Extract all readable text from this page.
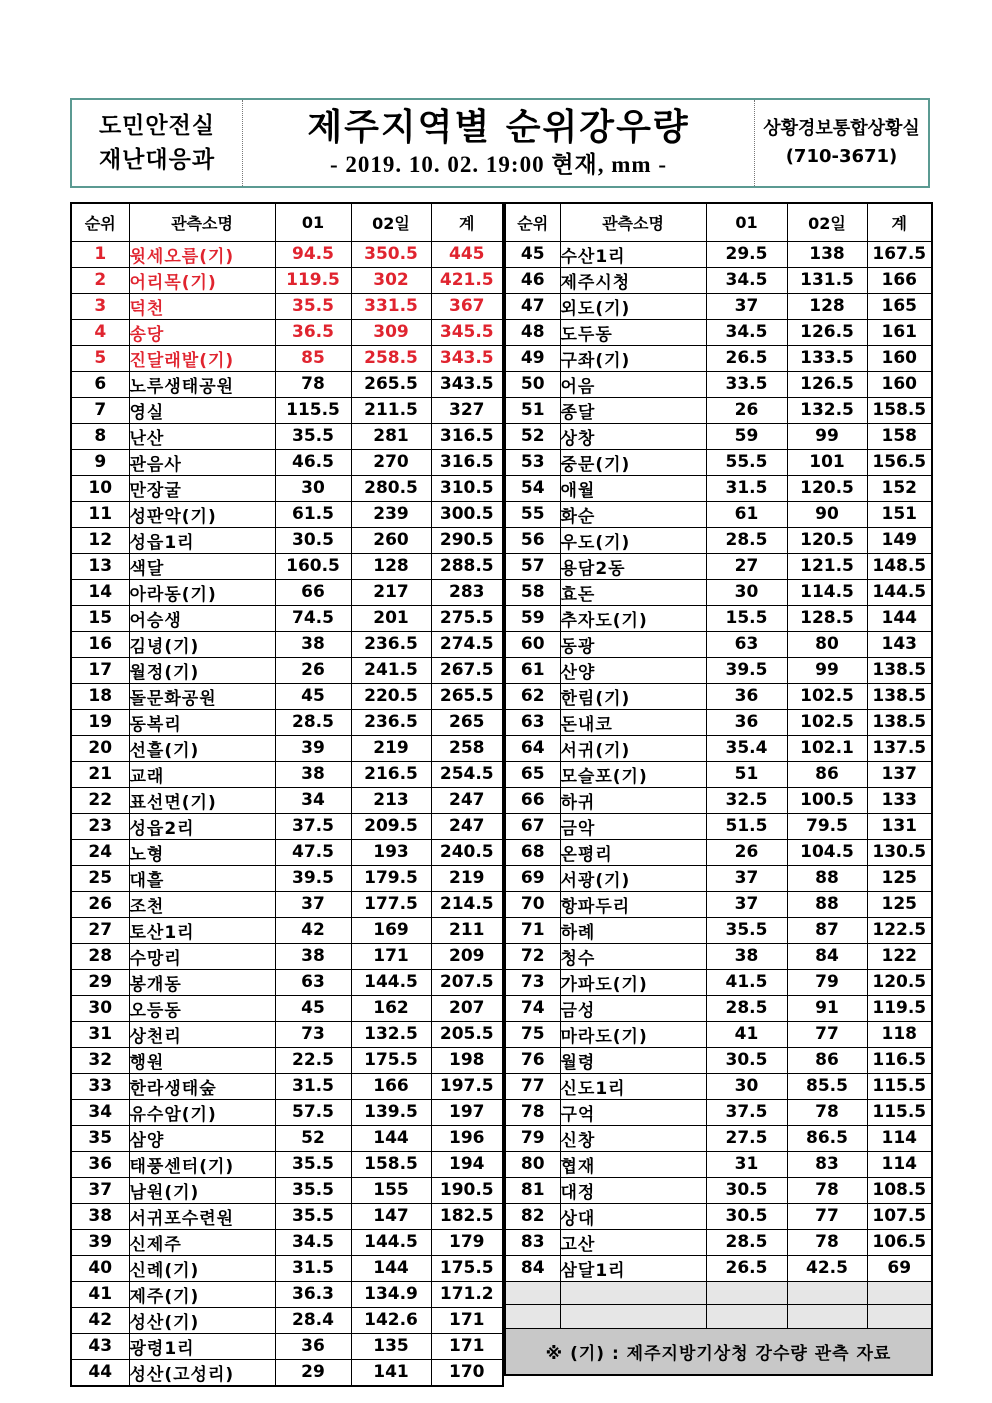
도민안전실
재난대응과
제주지역별 순위강우량
- 2019. 10. 02. 19:00 현재, mm -
상황경보통합상황실
(710-3671)
순위	관측소명	01	02일	계
1	윗세오름(기)	94.5	350.5	445
2	어리목(기)	119.5	302	421.5
3	덕천	35.5	331.5	367
4	송당	36.5	309	345.5
5	진달래밭(기)	85	258.5	343.5
6	노루생태공원	78	265.5	343.5
7	영실	115.5	211.5	327
8	난산	35.5	281	316.5
9	관음사	46.5	270	316.5
10	만장굴	30	280.5	310.5
11	성판악(기)	61.5	239	300.5
12	성읍1리	30.5	260	290.5
13	색달	160.5	128	288.5
14	아라동(기)	66	217	283
15	어승생	74.5	201	275.5
16	김녕(기)	38	236.5	274.5
17	월정(기)	26	241.5	267.5
18	돌문화공원	45	220.5	265.5
19	동복리	28.5	236.5	265
20	선흘(기)	39	219	258
21	교래	38	216.5	254.5
22	표선면(기)	34	213	247
23	성읍2리	37.5	209.5	247
24	노형	47.5	193	240.5
25	대흘	39.5	179.5	219
26	조천	37	177.5	214.5
27	토산1리	42	169	211
28	수망리	38	171	209
29	봉개동	63	144.5	207.5
30	오등동	45	162	207
31	상천리	73	132.5	205.5
32	행원	22.5	175.5	198
33	한라생태숲	31.5	166	197.5
34	유수암(기)	57.5	139.5	197
35	삼양	52	144	196
36	태풍센터(기)	35.5	158.5	194
37	남원(기)	35.5	155	190.5
38	서귀포수련원	35.5	147	182.5
39	신제주	34.5	144.5	179
40	신례(기)	31.5	144	175.5
41	제주(기)	36.3	134.9	171.2
42	성산(기)	28.4	142.6	171
43	광령1리	36	135	171
44	성산(고성리)	29	141	170
순위	관측소명	01	02일	계
45	수산1리	29.5	138	167.5
46	제주시청	34.5	131.5	166
47	외도(기)	37	128	165
48	도두동	34.5	126.5	161
49	구좌(기)	26.5	133.5	160
50	어음	33.5	126.5	160
51	종달	26	132.5	158.5
52	상창	59	99	158
53	중문(기)	55.5	101	156.5
54	애월	31.5	120.5	152
55	화순	61	90	151
56	우도(기)	28.5	120.5	149
57	용담2동	27	121.5	148.5
58	효돈	30	114.5	144.5
59	추자도(기)	15.5	128.5	144
60	동광	63	80	143
61	산양	39.5	99	138.5
62	한림(기)	36	102.5	138.5
63	돈내코	36	102.5	138.5
64	서귀(기)	35.4	102.1	137.5
65	모슬포(기)	51	86	137
66	하귀	32.5	100.5	133
67	금악	51.5	79.5	131
68	온평리	26	104.5	130.5
69	서광(기)	37	88	125
70	항파두리	37	88	125
71	하례	35.5	87	122.5
72	청수	38	84	122
73	가파도(기)	41.5	79	120.5
74	금성	28.5	91	119.5
75	마라도(기)	41	77	118
76	월령	30.5	86	116.5
77	신도1리	30	85.5	115.5
78	구억	37.5	78	115.5
79	신창	27.5	86.5	114
80	협재	31	83	114
81	대정	30.5	78	108.5
82	상대	30.5	77	107.5
83	고산	28.5	78	106.5
84	삼달1리	26.5	42.5	69

※ (기) : 제주지방기상청 강수량 관측 자료				
